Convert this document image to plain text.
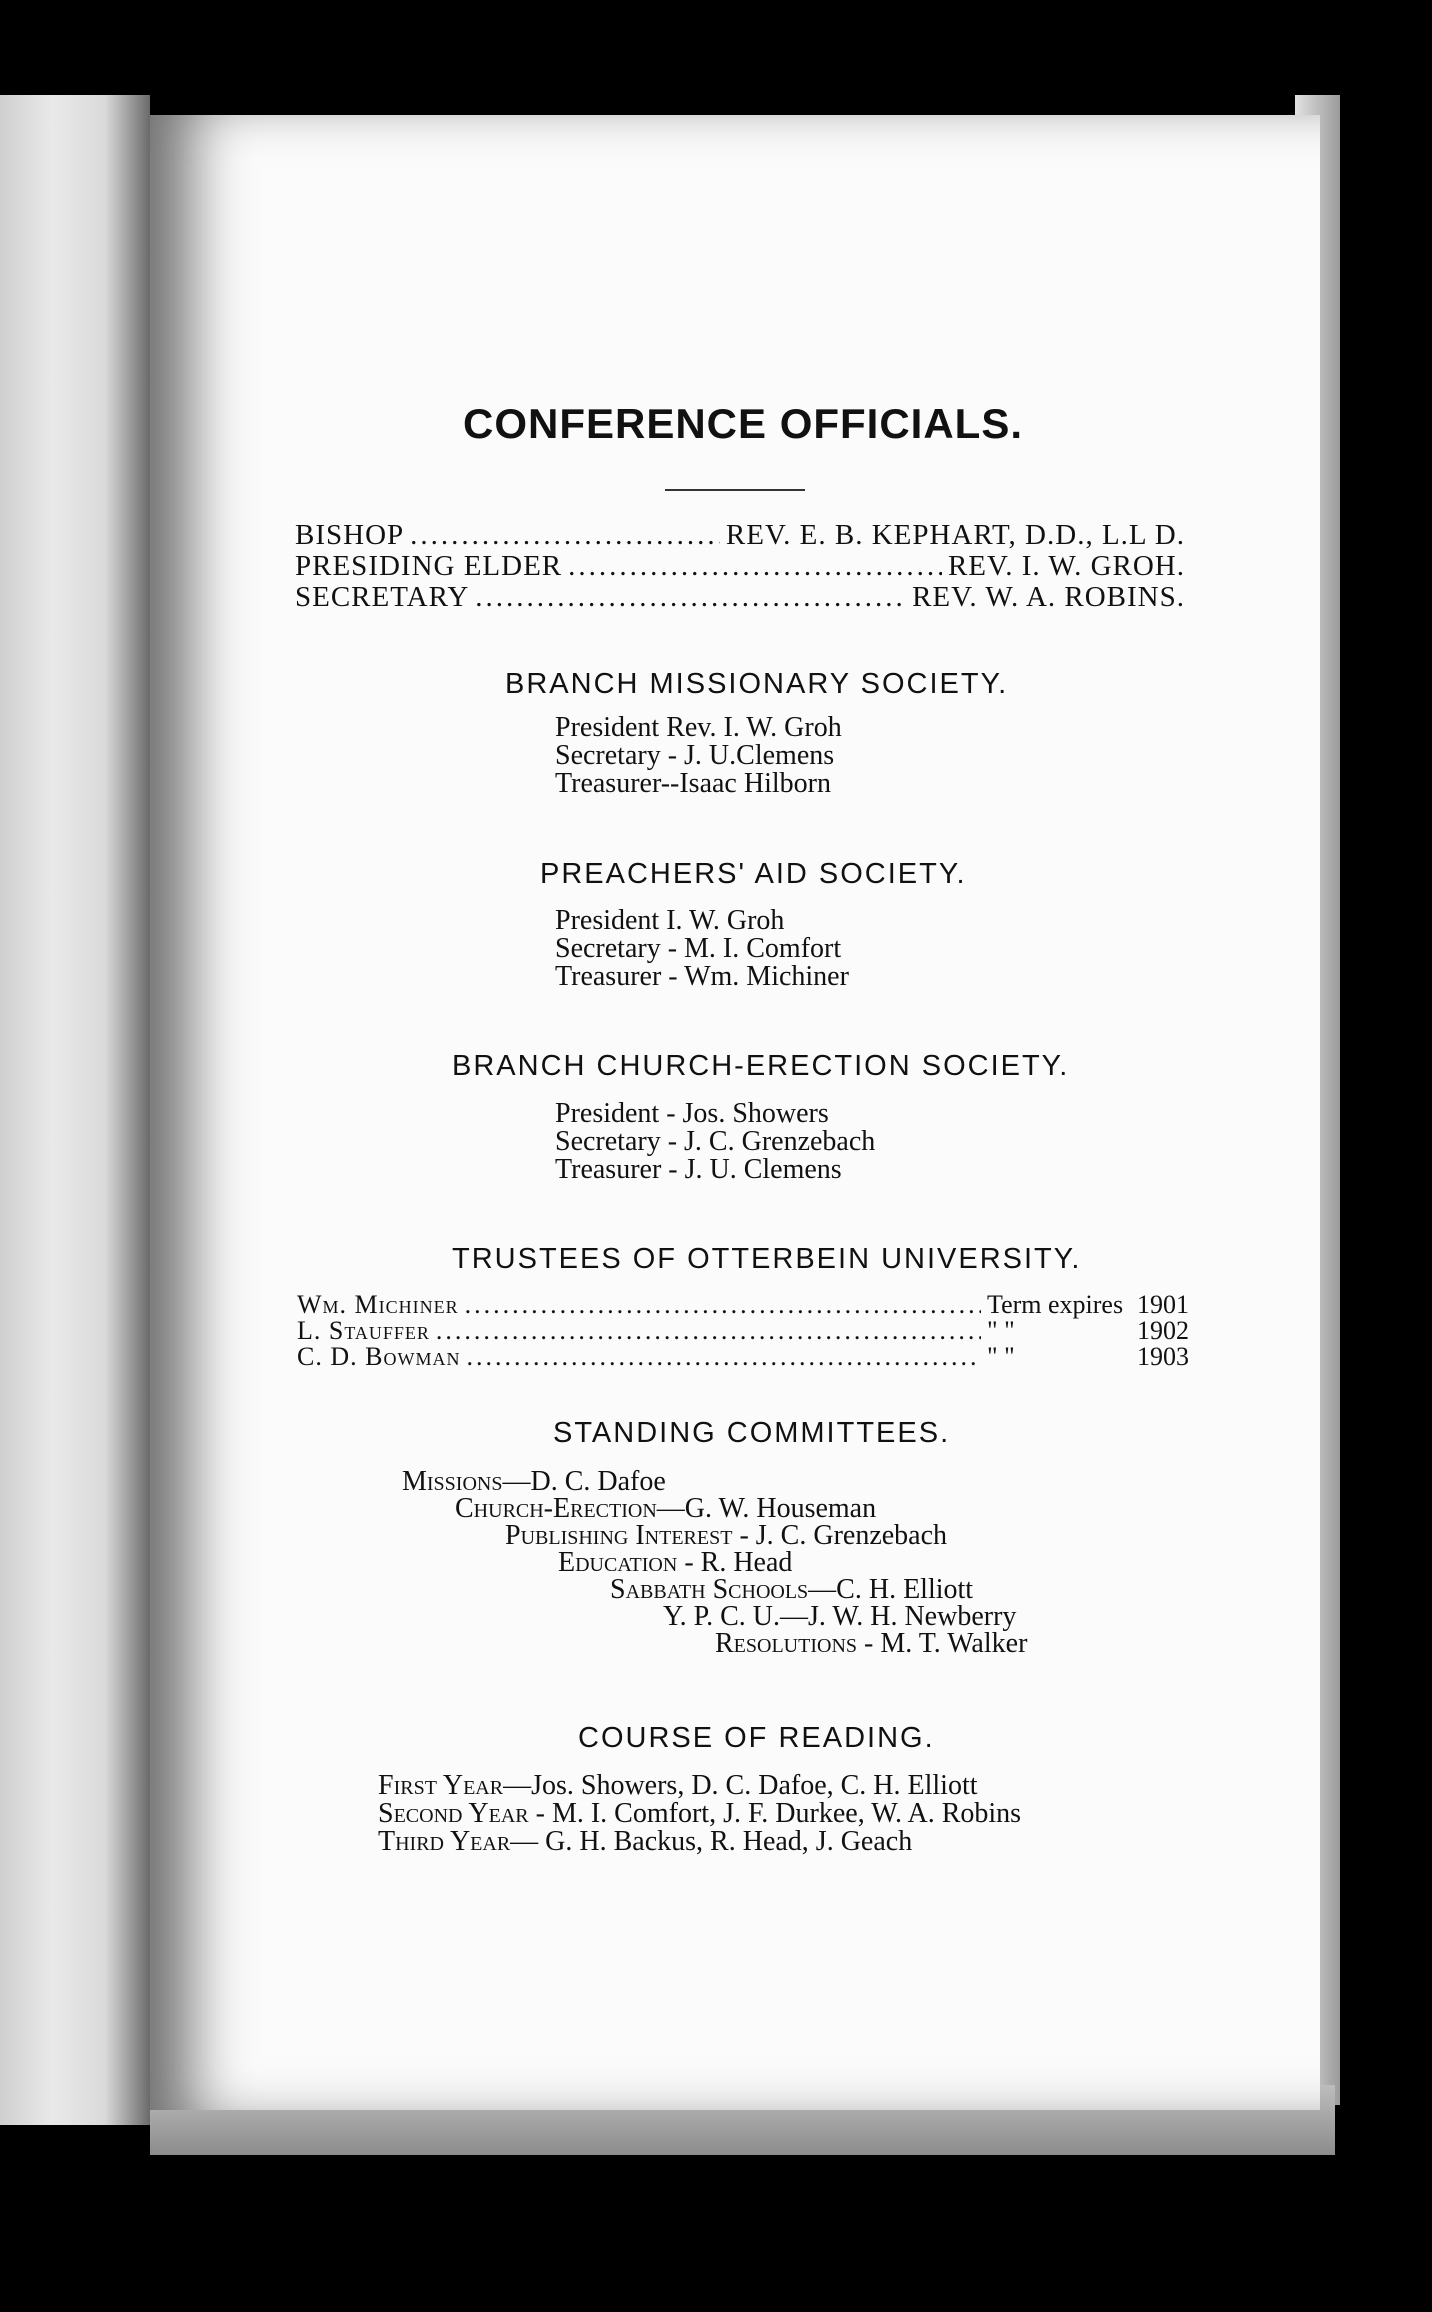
CONFERENCE OFFICIALS.
BISHOP .....	REV. E. B. KEPHART, D.D., L.L D.
PRESIDING ELDER .....	REV. I. W. GROH.
SECRETARY .....	REV. W. A. ROBINS.
BRANCH MISSIONARY SOCIETY.
President Rev. I. W. Groh
Secretary - J. U.Clemens
Treasurer--Isaac Hilborn
PREACHERS' AID SOCIETY.
President I. W. Groh
Secretary - M. I. Comfort
Treasurer - Wm. Michiner
BRANCH CHURCH-ERECTION SOCIETY.
President - Jos. Showers
Secretary - J. C. Grenzebach
Treasurer - J. U. Clemens
TRUSTEES OF OTTERBEIN UNIVERSITY.
Wm. Michiner .....	Term expires 1901
L. Stauffer .....	" "	1902
C. D. Bowman .....	" "	1903
STANDING COMMITTEES.
Missions—D. C. Dafoe
Church-Erection—G. W. Houseman
Publishing Interest - J. C. Grenzebach
Education - R. Head
Sabbath Schools—C. H. Elliott
Y. P. C. U.—J. W. H. Newberry
Resolutions - M. T. Walker
COURSE OF READING.
First Year—Jos. Showers, D. C. Dafoe, C. H. Elliott
Second Year - M. I. Comfort, J. F. Durkee, W. A. Robins
Third Year— G. H. Backus, R. Head, J. Geach
